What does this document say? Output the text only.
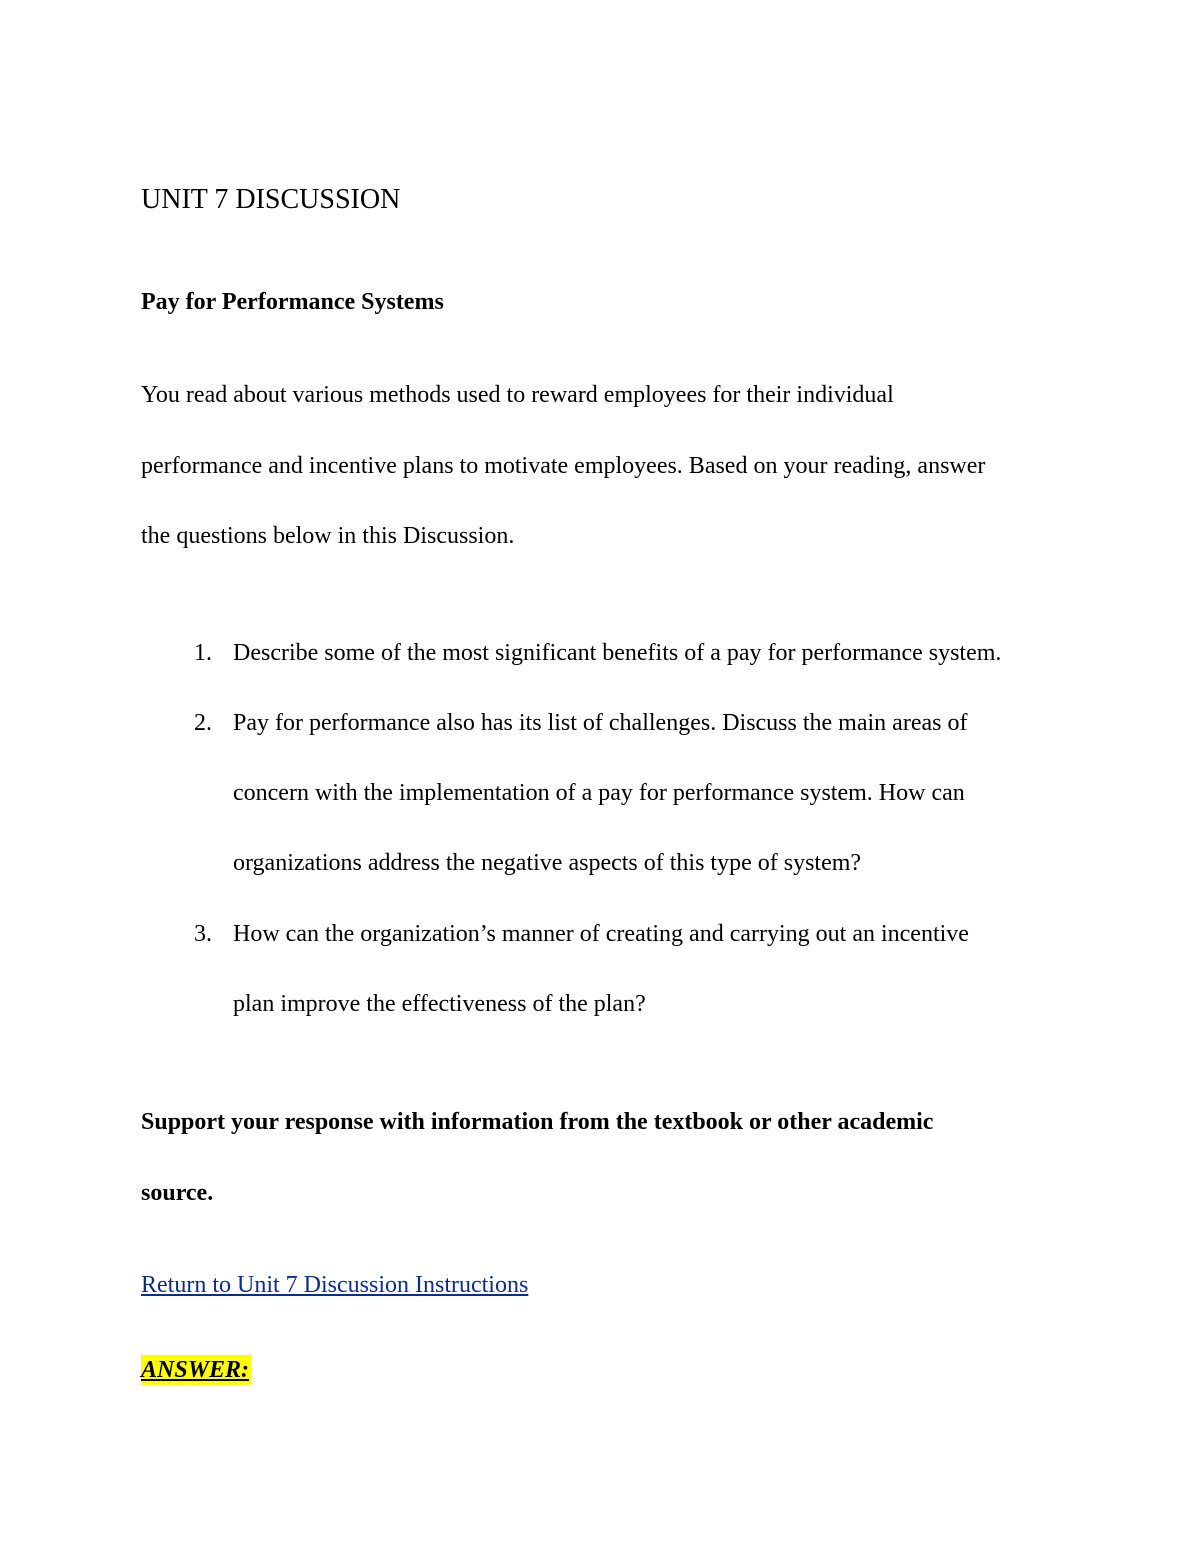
UNIT 7 DISCUSSION
Pay for Performance Systems
You read about various methods used to reward employees for their individual
performance and incentive plans to motivate employees. Based on your reading, answer
the questions below in this Discussion.
1. Describe some of the most significant benefits of a pay for performance system.
2. Pay for performance also has its list of challenges. Discuss the main areas of
concern with the implementation of a pay for performance system. How can
organizations address the negative aspects of this type of system?
3. How can the organization’s manner of creating and carrying out an incentive
plan improve the effectiveness of the plan?
Support your response with information from the textbook or other academic
source.
Return to Unit 7 Discussion Instructions
ANSWER:
